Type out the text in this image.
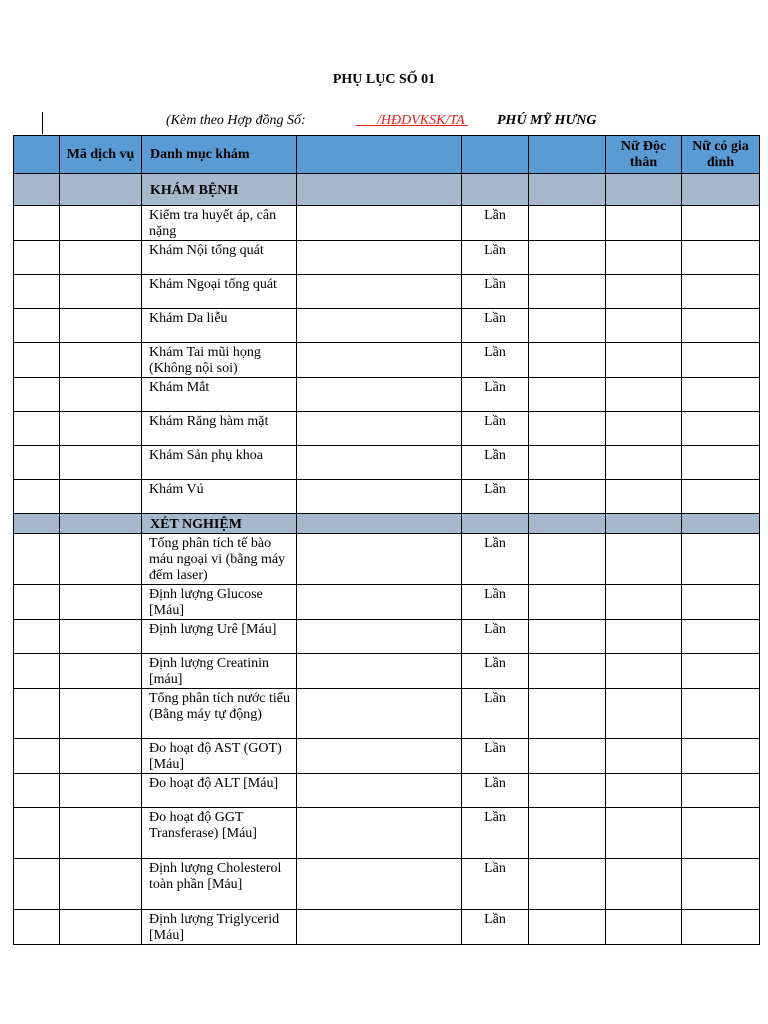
PHỤ LỤC SỐ 01
(Kèm theo Hợp đồng Số:	/HĐDVKSK/TA PHÚ MỸ HƯNG
	Mã dịch vụ	Danh mục khám				Nữ Độc thân	Nữ có gia đình
		KHÁM BỆNH					
		Kiểm tra huyết áp, cân nặng		Lần			
		Khám Nội tổng quát		Lần			
		Khám Ngoại tổng quát		Lần			
		Khám Da liễu		Lần			
		Khám Tai mũi họng (Không nội soi)		Lần			
		Khám Mắt		Lần			
		Khám Răng hàm mặt		Lần			
		Khám Sản phụ khoa		Lần			
		Khám Vú		Lần			
		XÉT NGHIỆM					
		Tổng phân tích tế bào máu ngoại vi (bằng máy đếm laser)		Lần			
		Định lượng Glucose [Máu]		Lần			
		Định lượng Urê [Máu]		Lần			
		Định lượng Creatinin [máu]		Lần			
		Tổng phân tích nước tiểu (Bằng máy tự động)		Lần			
		Đo hoạt độ AST (GOT) [Máu]		Lần			
		Đo hoạt độ ALT [Máu]		Lần			
		Đo hoạt độ GGT Transferase) [Máu]		Lần			
		Định lượng Cholesterol toàn phần [Máu]		Lần			
		Định lượng Triglycerid [Máu]		Lần			
